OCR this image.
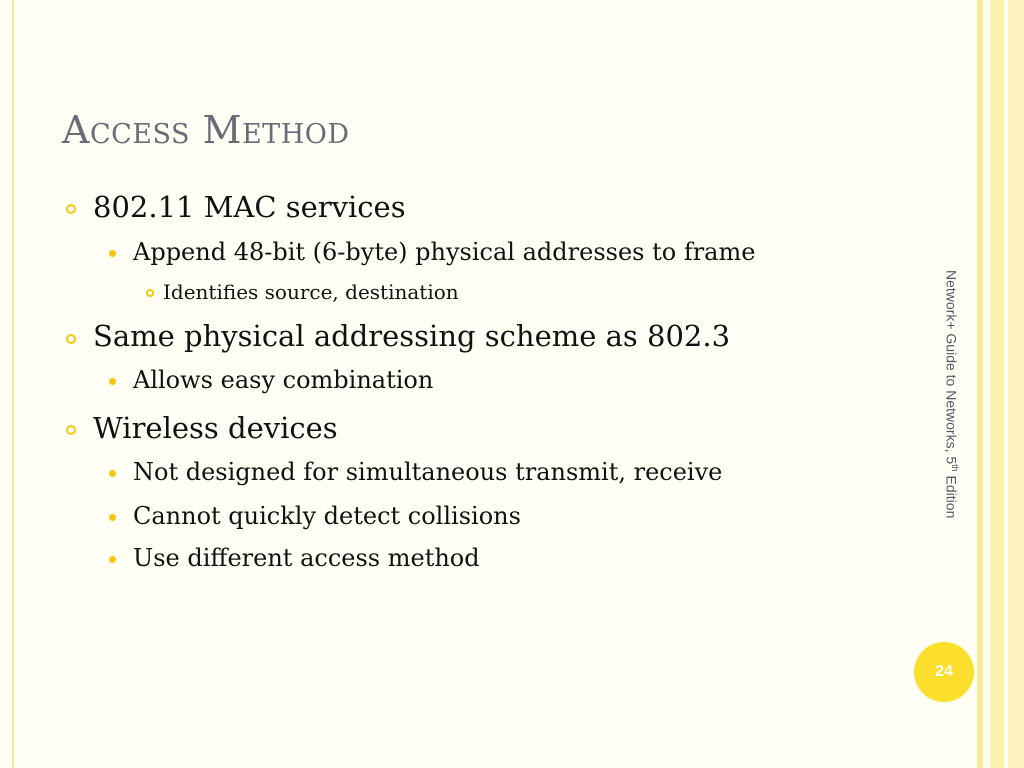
Access Method
802.11 MAC services
Append 48-bit (6-byte) physical addresses to frame
Identifies source, destination
Same physical addressing scheme as 802.3
Allows easy combination
Wireless devices
Not designed for simultaneous transmit, receive
Cannot quickly detect collisions
Use different access method
Network+ Guide to Networks, 5th Edition
24
